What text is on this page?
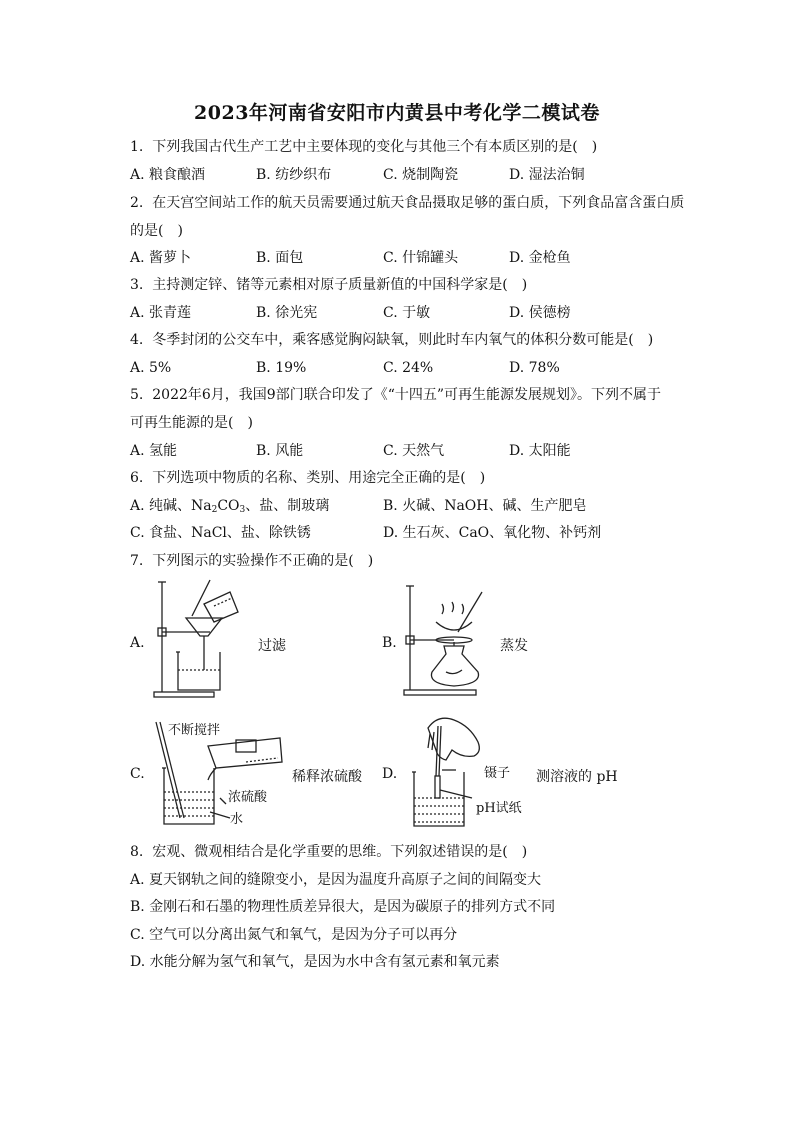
2023年河南省安阳市内黄县中考化学二模试卷
1. 下列我国古代生产工艺中主要体现的变化与其他三个有本质区别的是(　)
A. 粮食酿酒	B. 纺纱织布	C. 烧制陶瓷	D. 湿法治铜
2. 在天宫空间站工作的航天员需要通过航天食品摄取足够的蛋白质，下列食品富含蛋白质
的是(　)
A. 酱萝卜	B. 面包	C. 什锦罐头	D. 金枪鱼
3. 主持测定锌、锗等元素相对原子质量新值的中国科学家是(　)
A. 张青莲	B. 徐光宪	C. 于敏	D. 侯德榜
4. 冬季封闭的公交车中，乘客感觉胸闷缺氧，则此时车内氧气的体积分数可能是(　)
A. 5%	B. 19%	C. 24%	D. 78%
5. 2022年6月，我国9部门联合印发了《“十四五”可再生能源发展规划》。下列不属于
可再生能源的是(　)
A. 氢能	B. 风能	C. 天然气	D. 太阳能
6. 下列选项中物质的名称、类别、用途完全正确的是(　)
A. 纯碱、$Na_2CO_3$、盐、制玻璃	B. 火碱、NaOH、碱、生产肥皂
C. 食盐、NaCl、盐、除铁锈	D. 生石灰、CaO、氧化物、补钙剂
7. 下列图示的实验操作不正确的是(　)
A.	过滤	B.	蒸发
C.
不断搅拌
浓硫酸
水
稀释浓硫酸 D.	镊子
pH试纸
测溶液的 pH
8. 宏观、微观相结合是化学重要的思维。下列叙述错误的是(　)
A. 夏天钢轨之间的缝隙变小，是因为温度升高原子之间的间隔变大
B. 金刚石和石墨的物理性质差异很大，是因为碳原子的排列方式不同
C. 空气可以分离出氮气和氧气，是因为分子可以再分
D. 水能分解为氢气和氧气，是因为水中含有氢元素和氧元素
